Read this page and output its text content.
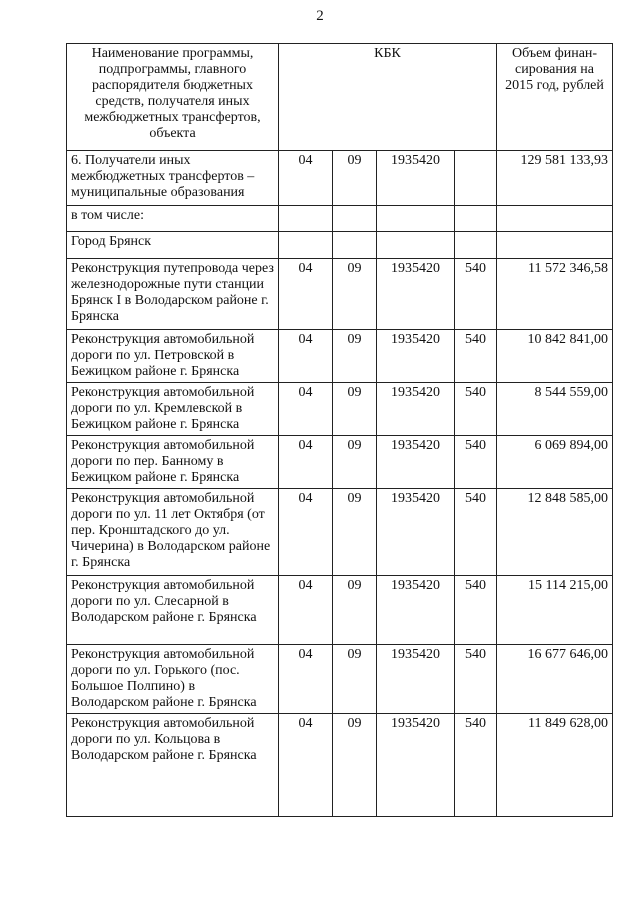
2
Наименование программы, подпрограммы, главного распорядителя бюджетных средств, получателя иных межбюджетных трансфертов, объекта	КБК				Объем финан-сирования на 2015 год, рублей
6. Получатели иных межбюджетных трансфертов – муниципальные образования	04	09	1935420		129 581 133,93
в том числе:					
Город Брянск					
Реконструкция путепровода через железнодорожные пути станции Брянск I в Володарском районе г. Брянска	04	09	1935420	540	11 572 346,58
Реконструкция автомобильной дороги по ул. Петровской в Бежицком районе г. Брянска	04	09	1935420	540	10 842 841,00
Реконструкция автомобильной дороги по ул. Кремлевской в Бежицком районе г. Брянска	04	09	1935420	540	8 544 559,00
Реконструкция автомобильной дороги по пер. Банному в Бежицком районе г. Брянска	04	09	1935420	540	6 069 894,00
Реконструкция автомобильной дороги по ул. 11 лет Октября (от пер. Кронштадского до ул. Чичерина) в Володарском районе г. Брянска	04	09	1935420	540	12 848 585,00
Реконструкция автомобильной дороги по ул. Слесарной в Володарском районе г. Брянска	04	09	1935420	540	15 114 215,00
Реконструкция автомобильной дороги по ул. Горького (пос. Большое Полпино) в Володарском районе г. Брянска	04	09	1935420	540	16 677 646,00
Реконструкция автомобильной дороги по ул. Кольцова в Володарском районе г. Брянска	04	09	1935420	540	11 849 628,00
